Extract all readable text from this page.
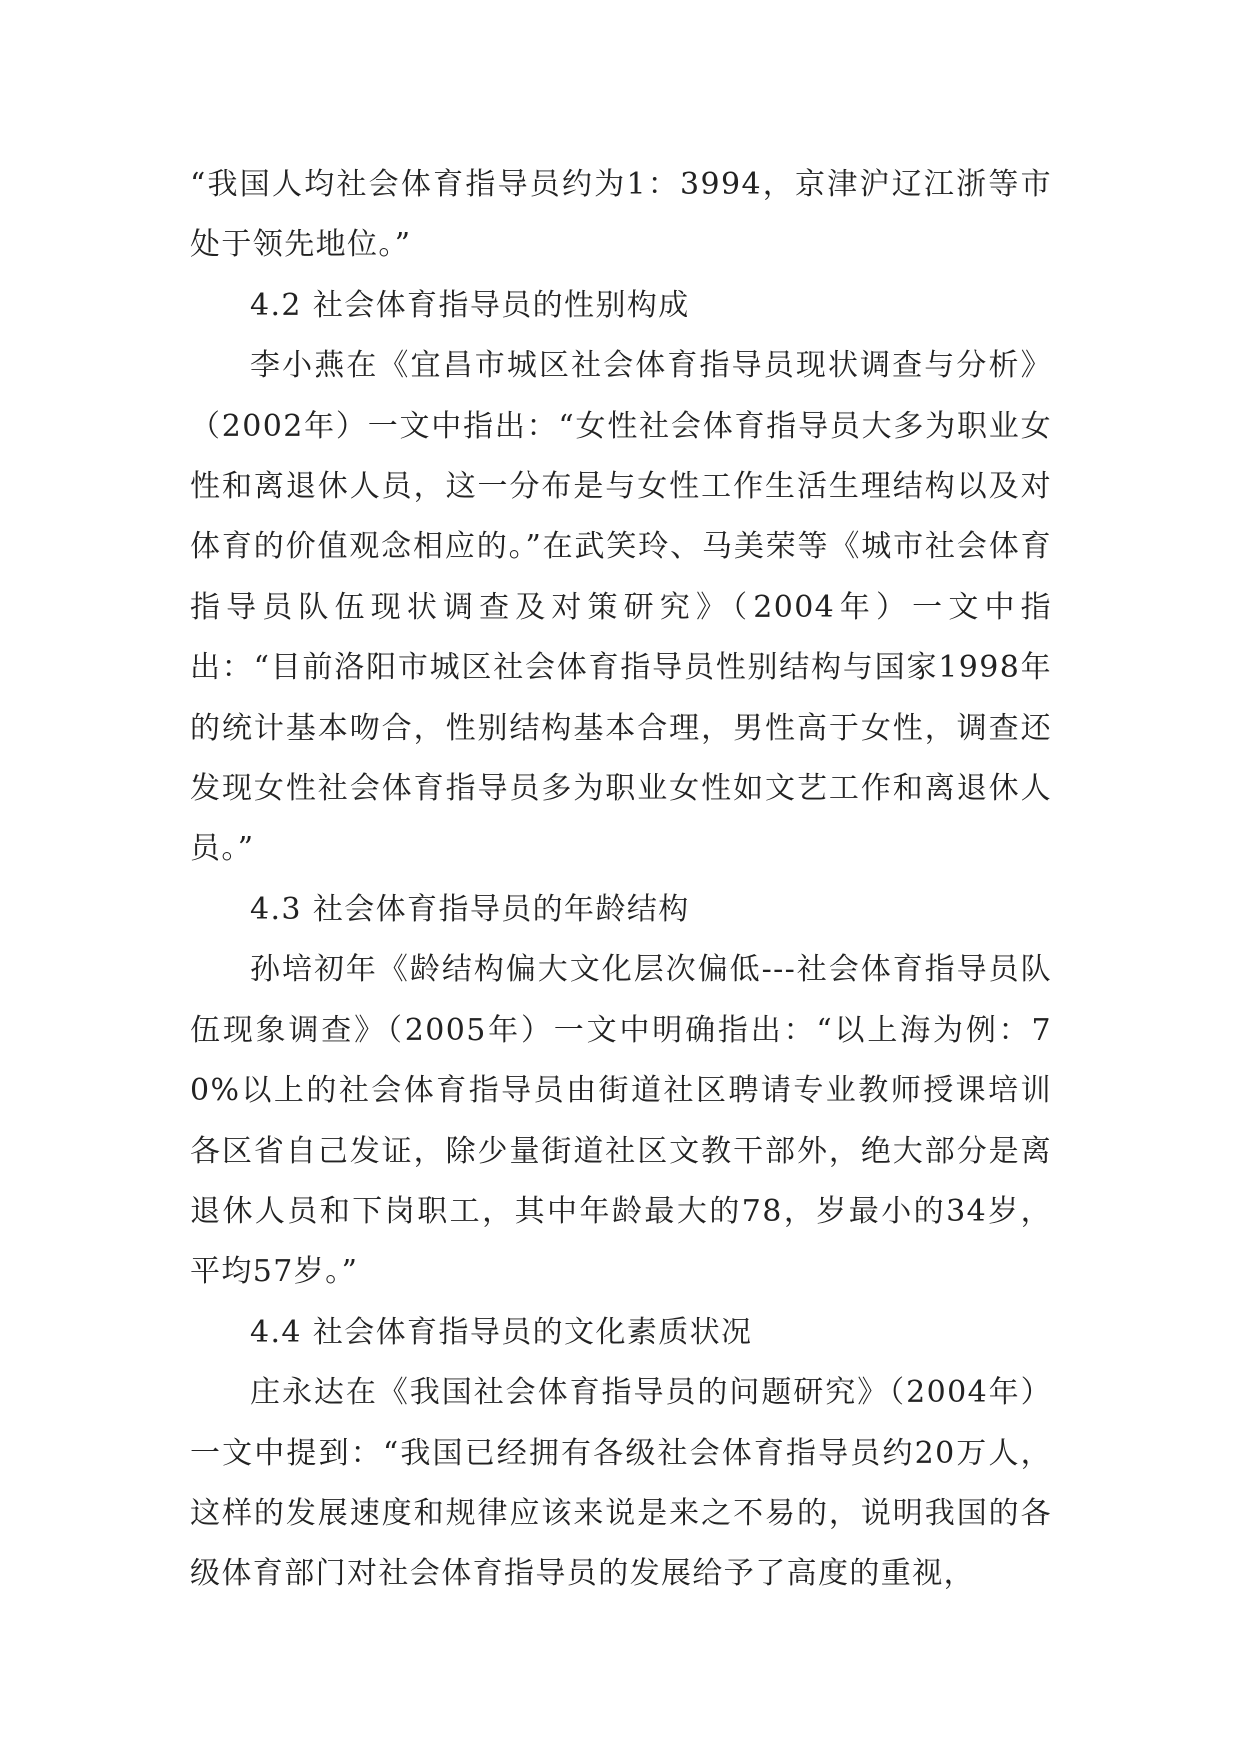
“我国人均社会体育指导员约为1：3994，京津沪辽江浙等市处于领先地位。”

4.2 社会体育指导员的性别构成

李小燕在《宜昌市城区社会体育指导员现状调查与分析》（2002年）一文中指出：“女性社会体育指导员大多为职业女性和离退休人员，这一分布是与女性工作生活生理结构以及对体育的价值观念相应的。”在武笑玲、马美荣等《城市社会体育指导员队伍现状调查及对策研究》（2004年）一文中指出：“目前洛阳市城区社会体育指导员性别结构与国家1998年的统计基本吻合，性别结构基本合理，男性高于女性，调查还发现女性社会体育指导员多为职业女性如文艺工作和离退休人员。”

4.3 社会体育指导员的年龄结构

孙培初年《龄结构偏大文化层次偏低---社会体育指导员队伍现象调查》（2005年）一文中明确指出：“以上海为例：70%以上的社会体育指导员由街道社区聘请专业教师授课培训各区省自己发证，除少量街道社区文教干部外，绝大部分是离退休人员和下岗职工，其中年龄最大的78，岁最小的34岁，平均57岁。”

4.4 社会体育指导员的文化素质状况

庄永达在《我国社会体育指导员的问题研究》（2004年）一文中提到：“我国已经拥有各级社会体育指导员约20万人，这样的发展速度和规律应该来说是来之不易的，说明我国的各级体育部门对社会体育指导员的发展给予了高度的重视，
